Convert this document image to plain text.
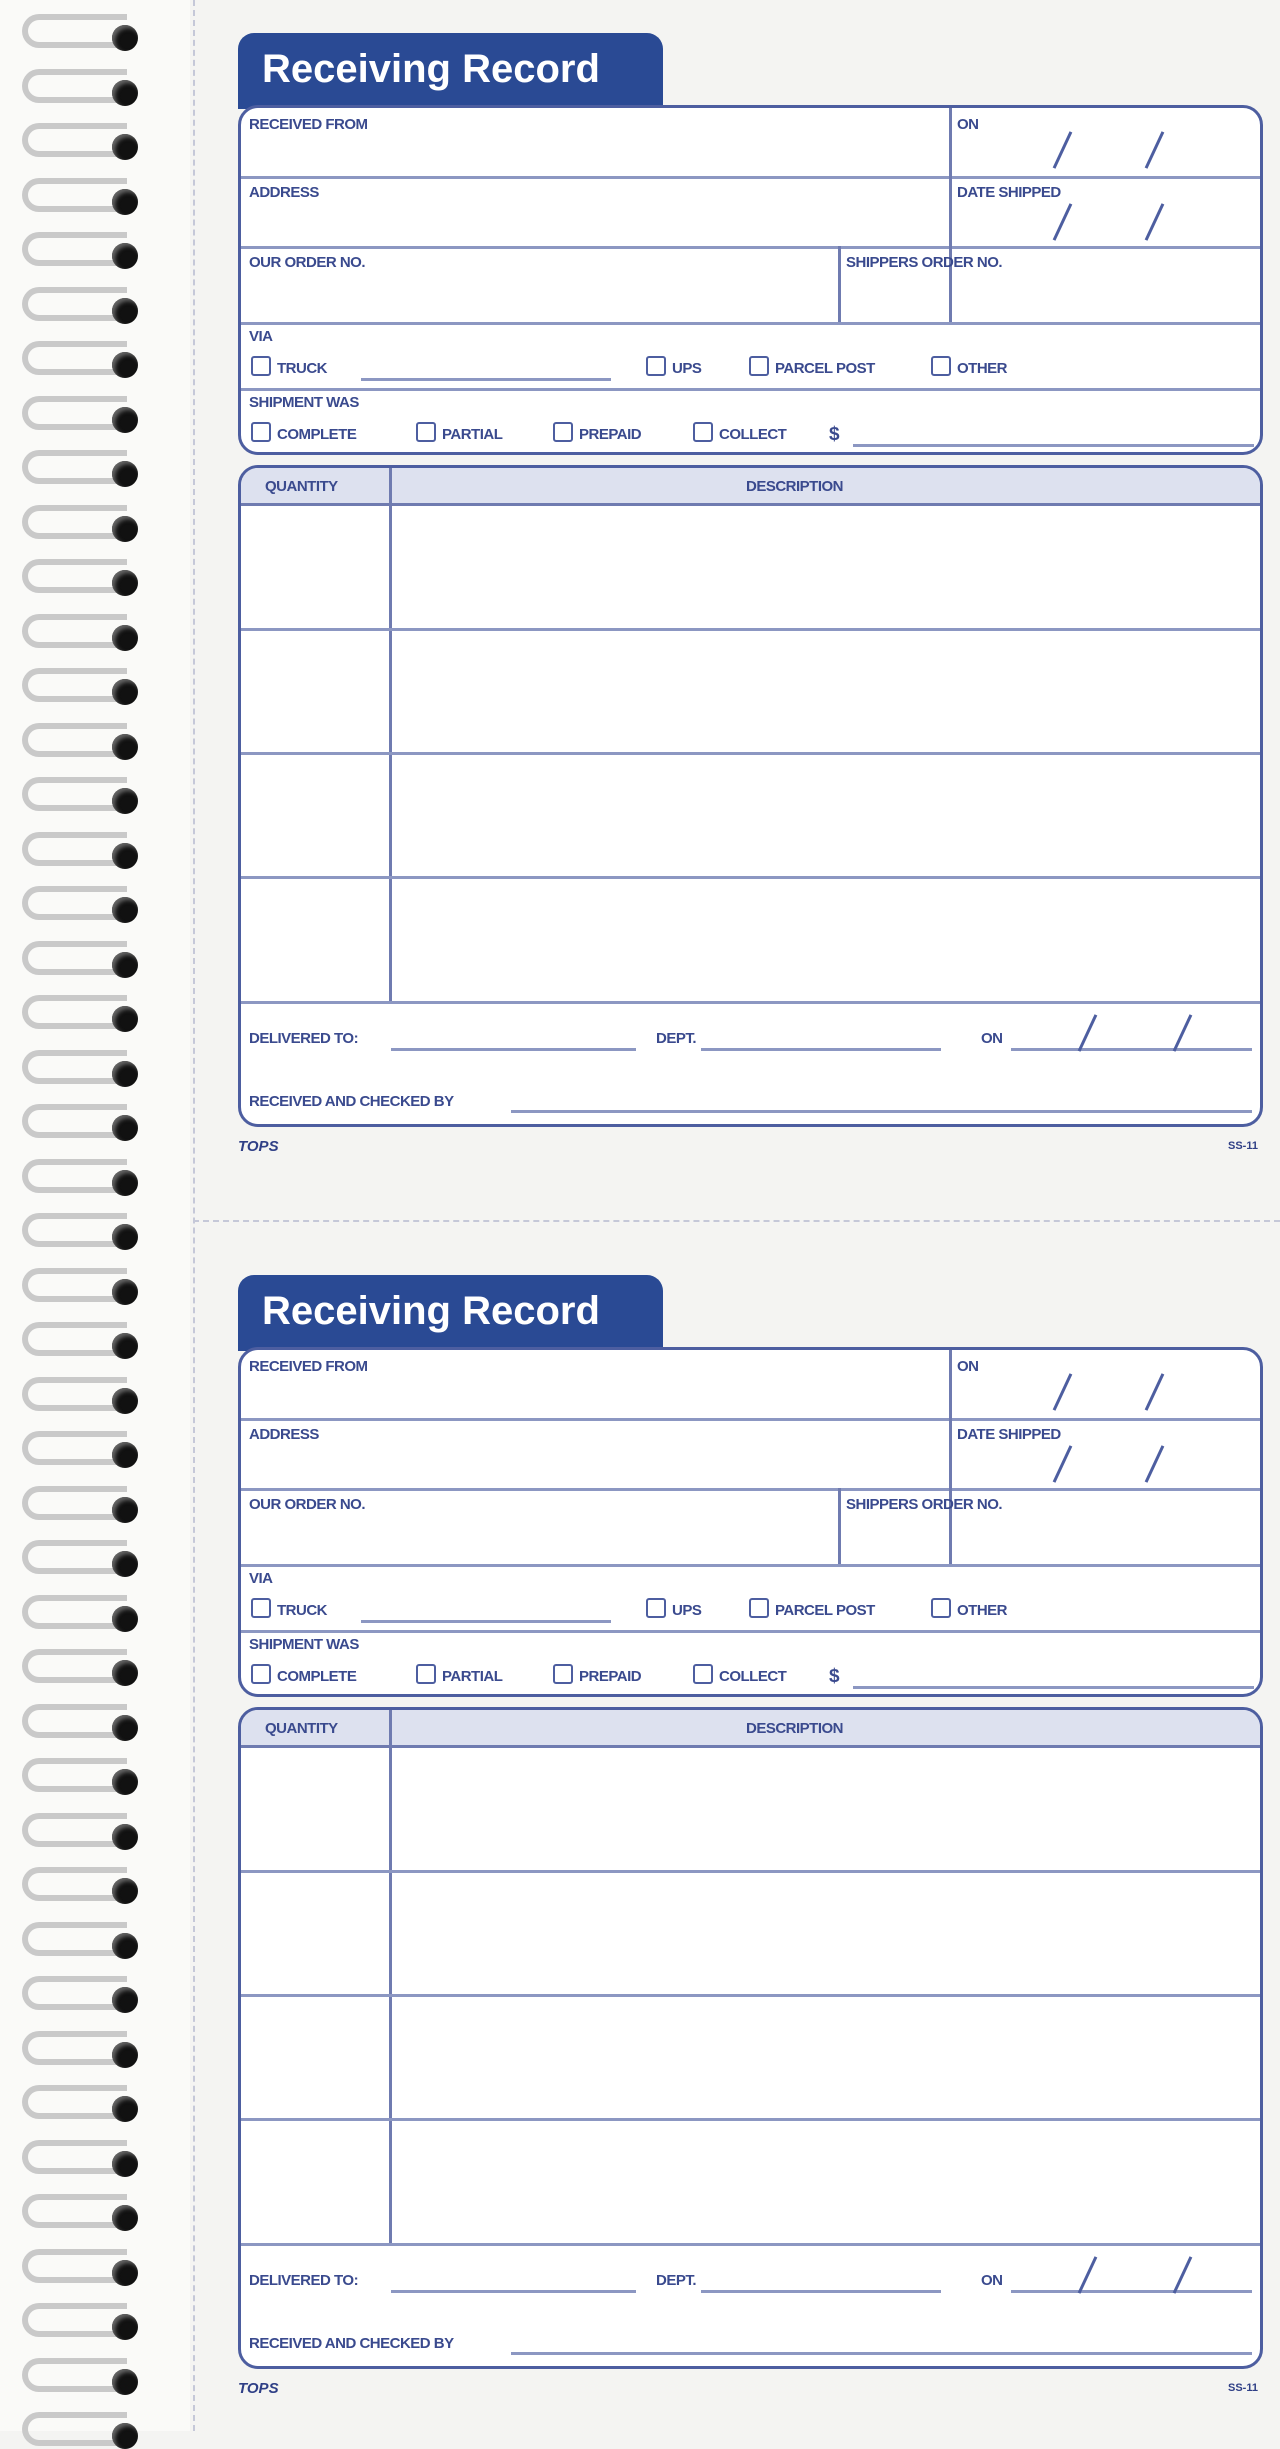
Receiving Record
RECEIVED FROM	ON
ADDRESS	DATE SHIPPED
OUR ORDER NO.	SHIPPERS ORDER NO.
VIA
TRUCK	UPS	PARCEL POST	OTHER
SHIPMENT WAS
COMPLETE	PARTIAL	PREPAID	COLLECT $
QUANTITY	DESCRIPTION
DELIVERED TO:	DEPT.	ON
RECEIVED AND CHECKED BY
TOPS	SS-11
Receiving Record
RECEIVED FROM	ON
ADDRESS	DATE SHIPPED
OUR ORDER NO.	SHIPPERS ORDER NO.
VIA
TRUCK	UPS	PARCEL POST	OTHER
SHIPMENT WAS
COMPLETE	PARTIAL	PREPAID	COLLECT $
QUANTITY	DESCRIPTION
DELIVERED TO:	DEPT.	ON
RECEIVED AND CHECKED BY
TOPS	SS-11
